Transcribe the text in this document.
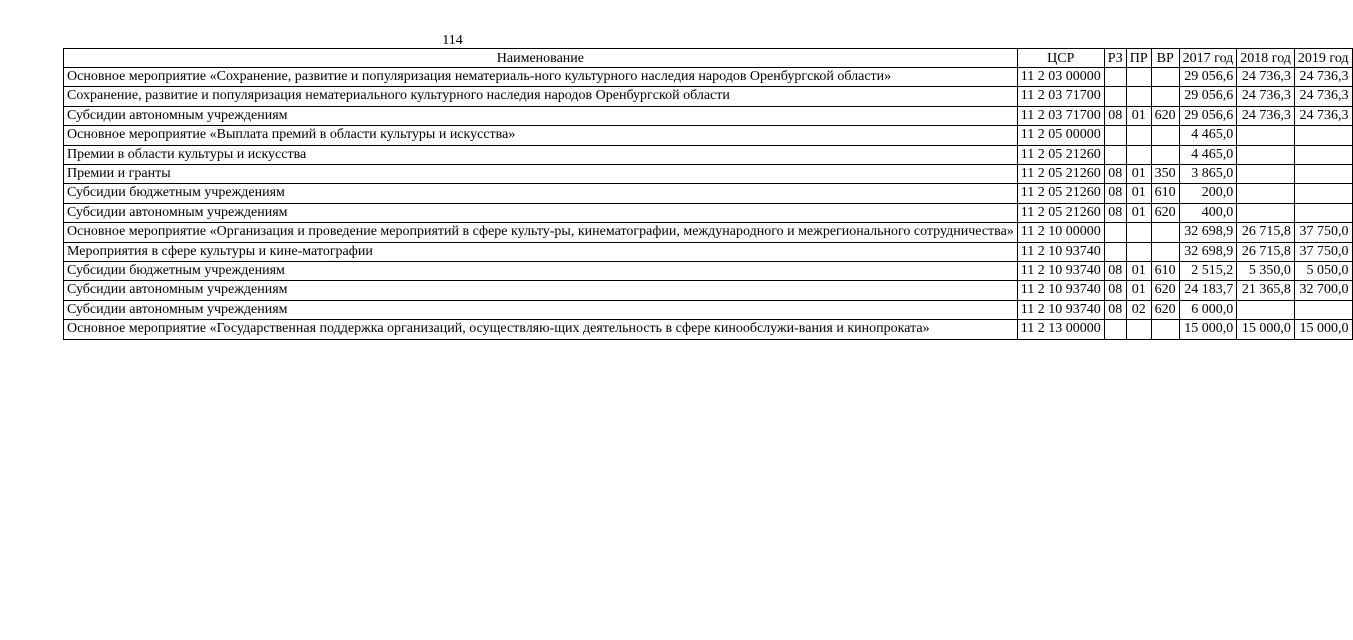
114
Наименование	ЦСР	РЗ	ПР	ВР	2017 год	2018 год	2019 год
Основное мероприятие «Сохранение, развитие и популяризация нематериаль-ного культурного наследия народов Оренбургской области»	11 2 03 00000				29 056,6	24 736,3	24 736,3
Сохранение, развитие и популяризация нематериального культурного наследия народов Оренбургской области	11 2 03 71700				29 056,6	24 736,3	24 736,3
Субсидии автономным учреждениям	11 2 03 71700	08	01	620	29 056,6	24 736,3	24 736,3
Основное мероприятие «Выплата премий в области культуры и искусства»	11 2 05 00000				4 465,0		
Премии в области культуры и искусства	11 2 05 21260				4 465,0		
Премии и гранты	11 2 05 21260	08	01	350	3 865,0		
Субсидии бюджетным учреждениям	11 2 05 21260	08	01	610	200,0		
Субсидии автономным учреждениям	11 2 05 21260	08	01	620	400,0		
Основное мероприятие «Организация и проведение мероприятий в сфере культу-ры, кинематографии, международного и межрегионального сотрудничества»	11 2 10 00000				32 698,9	26 715,8	37 750,0
Мероприятия в сфере культуры и кине-матографии	11 2 10 93740				32 698,9	26 715,8	37 750,0
Субсидии бюджетным учреждениям	11 2 10 93740	08	01	610	2 515,2	5 350,0	5 050,0
Субсидии автономным учреждениям	11 2 10 93740	08	01	620	24 183,7	21 365,8	32 700,0
Субсидии автономным учреждениям	11 2 10 93740	08	02	620	6 000,0		
Основное мероприятие «Государственная поддержка организаций, осуществляю-щих деятельность в сфере кинообслужи-вания и кинопроката»	11 2 13 00000				15 000,0	15 000,0	15 000,0
